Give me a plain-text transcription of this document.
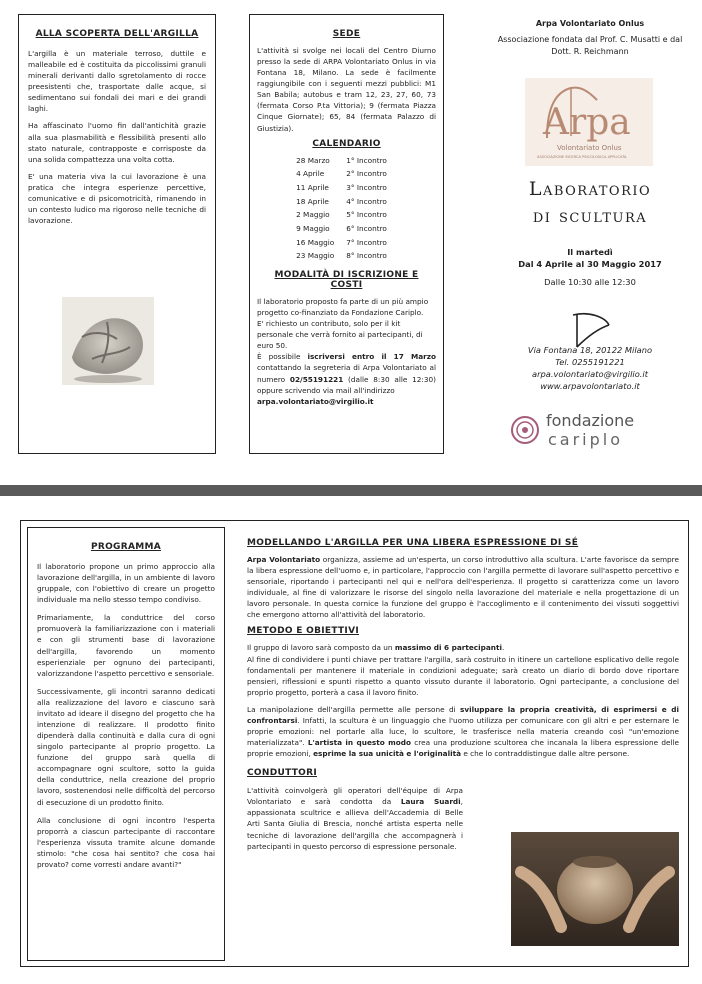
ALLA SCOPERTA DELL'ARGILLA

L'argilla è un materiale terroso, duttile e malleabile ed è costituita da piccolissimi granuli minerali derivanti dallo sgretolamento di rocce preesistenti che, trasportate dalle acque, si sedimentano sui fondali dei mari e dei grandi laghi.

Ha affascinato l'uomo fin dall'antichità grazie alla sua plasmabilità e flessibilità presenti allo stato naturale, contrapposte e corrisposte da una solida compattezza una volta cotta.

E' una materia viva la cui lavorazione è una pratica che integra esperienze percettive, comunicative e di psicomotricità, rimanendo in un contesto ludico ma rigoroso nelle tecniche di lavorazione.

SEDE

L'attività si svolge nei locali del Centro Diurno presso la sede di ARPA Volontariato Onlus in via Fontana 18, Milano. La sede è facilmente raggiungibile con i seguenti mezzi pubblici: M1 San Babila; autobus e tram 12, 23, 27, 60, 73 (fermata Corso P.ta Vittoria); 9 (fermata Piazza Cinque Giornate); 65, 84 (fermata Palazzo di Giustizia).

CALENDARIO
28 Marzo	1° Incontro
4 Aprile	2° Incontro
11 Aprile	3° Incontro
18 Aprile	4° Incontro
2 Maggio	5° Incontro
9 Maggio	6° Incontro
16 Maggio	7° Incontro
23 Maggio	8° Incontro
MODALITÀ DI ISCRIZIONE E COSTI

Il laboratorio proposto fa parte di un più ampio progetto co-finanziato da Fondazione Cariplo.

E' richiesto un contributo, solo per il kit personale che verrà fornito ai partecipanti, di euro 50.

È possibile iscriversi entro il 17 Marzo contattando la segreteria di Arpa Volontariato al numero 02/55191221 (dalle 8:30 alle 12:30) oppure scrivendo via mail all'indirizzo

arpa.volontariato@virgilio.it

Arpa Volontariato Onlus
Associazione fondata dal Prof. C. Musatti e dal Dott. R. Reichmann
Arpa
Volontariato Onlus
ASSOCIAZIONE RICERCA PSICOLOGICA APPLICATA
Laboratorio
di scultura
Il martedì
Dal 4 Aprile al 30 Maggio 2017
Dalle 10:30 alle 12:30
Via Fontana 18, 20122 Milano
Tel. 0255191221
arpa.volontariato@virgilio.it
www.arpavolontariato.it
fondazione
cariplo
PROGRAMMA

Il laboratorio propone un primo approccio alla lavorazione dell'argilla, in un ambiente di lavoro gruppale, con l'obiettivo di creare un progetto individuale ma nello stesso tempo condiviso.

Primariamente, la conduttrice del corso promuoverà la familiarizzazione con i materiali e con gli strumenti base di lavorazione dell'argilla, favorendo un momento esperienziale per ognuno dei partecipanti, valorizzandone l'aspetto percettivo e sensoriale.

Successivamente, gli incontri saranno dedicati alla realizzazione del lavoro e ciascuno sarà invitato ad ideare il disegno del progetto che ha intenzione di realizzare. Il prodotto finito dipenderà dalla continuità e dalla cura di ogni singolo partecipante al proprio progetto. La funzione del gruppo sarà quella di accompagnare ogni scultore, sotto la guida della conduttrice, nella creazione del proprio lavoro, sostenendosi nelle difficoltà del percorso di esecuzione di un prodotto finito.

Alla conclusione di ogni incontro l'esperta proporrà a ciascun partecipante di raccontare l'esperienza vissuta tramite alcune domande stimolo: "che cosa hai sentito? che cosa hai provato? come vorresti andare avanti?"

MODELLANDO L'ARGILLA PER UNA LIBERA ESPRESSIONE DI SÉ

Arpa Volontariato organizza, assieme ad un'esperta, un corso introduttivo alla scultura. L'arte favorisce da sempre la libera espressione dell'uomo e, in particolare, l'approccio con l'argilla permette di lavorare sull'aspetto percettivo e sensoriale, riportando i partecipanti nel qui e nell'ora dell'esperienza. Il progetto si caratterizza come un lavoro individuale, al fine di valorizzare le risorse del singolo nella lavorazione del materiale e nella progettazione di un lavoro personale. In questa cornice la funzione del gruppo è l'accoglimento e il contenimento dei vissuti soggettivi che emergono attorno all'attività del laboratorio.

METODO E OBIETTIVI

Il gruppo di lavoro sarà composto da un massimo di 6 partecipanti.

Al fine di condividere i punti chiave per trattare l'argilla, sarà costruito in itinere un cartellone esplicativo delle regole fondamentali per mantenere il materiale in condizioni adeguate; sarà creato un diario di bordo dove riportare pensieri, riflessioni e spunti rispetto a quanto vissuto durante il laboratorio. Ogni partecipante, a conclusione del proprio progetto, porterà a casa il lavoro finito.

La manipolazione dell'argilla permette alle persone di sviluppare la propria creatività, di esprimersi e di confrontarsi. Infatti, la scultura è un linguaggio che l'uomo utilizza per comunicare con gli altri e per esternare le proprie emozioni: nel portarle alla luce, lo scultore, le trasferisce nella materia creando così "un'emozione materializzata". L'artista in questo modo crea una produzione scultorea che incanala la libera espressione delle proprie emozioni, esprime la sua unicità e l'originalità e che lo contraddistingue dalle altre persone.

CONDUTTORI

L'attività coinvolgerà gli operatori dell'équipe di Arpa Volontariato e sarà condotta da Laura Suardi, appassionata scultrice e allieva dell'Accademia di Belle Arti Santa Giulia di Brescia, nonché artista esperta nelle tecniche di lavorazione dell'argilla che accompagnerà i partecipanti in questo percorso di espressione personale.
